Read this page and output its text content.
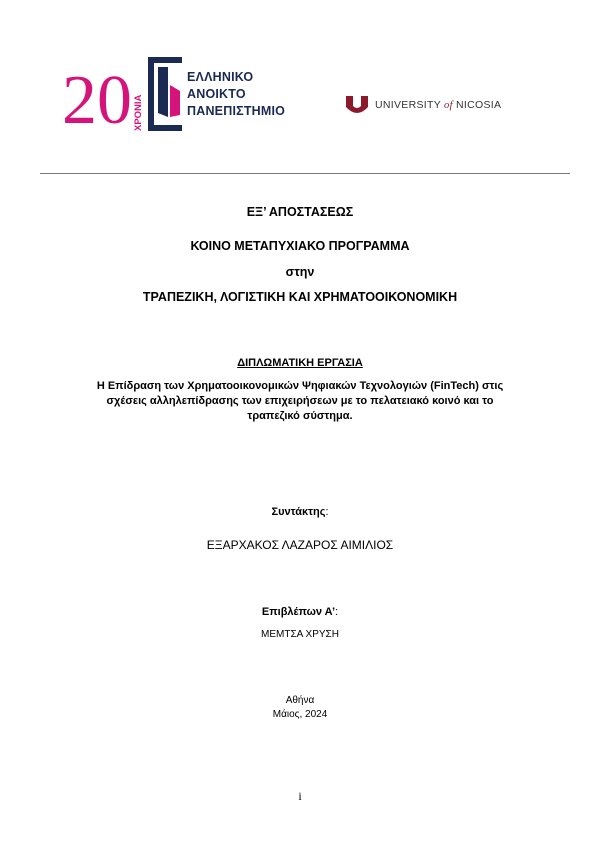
20 ΧΡΟΝΙΑ
ΕΛΛΗΝΙΚΟ
ΑΝΟΙΚΤΟ
ΠΑΝΕΠΙΣΤΗΜΙΟ	UNIVERSITY of NICOSIA
ΕΞ’ ΑΠΟΣΤΑΣΕΩΣ
ΚΟΙΝΟ ΜΕΤΑΠΥΧΙΑΚΟ ΠΡΟΓΡΑΜΜΑ
στην
ΤΡΑΠΕΖΙΚΗ, ΛΟΓΙΣΤΙΚΗ ΚΑΙ ΧΡΗΜΑΤΟΟΙΚΟΝΟΜΙΚΗ
ΔΙΠΛΩΜΑΤΙΚΗ ΕΡΓΑΣΙΑ
Η Επίδραση των Χρηματοοικονομικών Ψηφιακών Τεχνολογιών (FinTech) στις
σχέσεις αλληλεπίδρασης των επιχειρήσεων με το πελατειακό κοινό και το
τραπεζικό σύστημα.
Συντάκτης:
ΕΞΑΡΧΑΚΟΣ ΛΑΖΑΡΟΣ ΑΙΜΙΛΙΟΣ
Επιβλέπων Α’:
ΜΕΜΤΣΑ ΧΡΥΣΗ
Αθήνα
Μάιος, 2024
i
